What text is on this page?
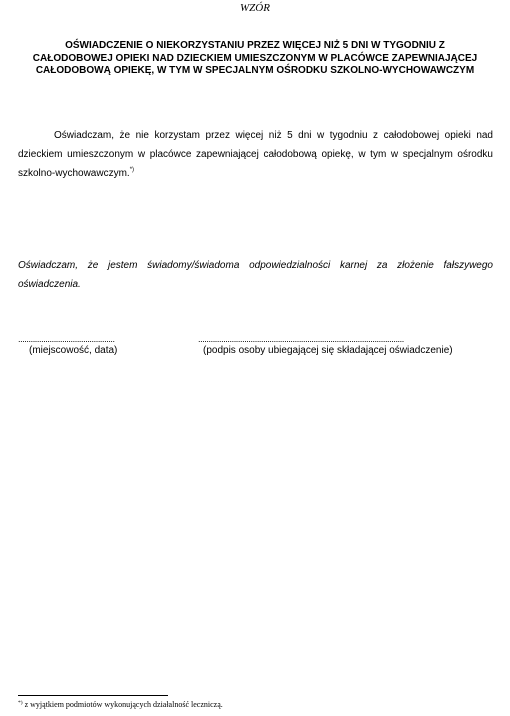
WZÓR
OŚWIADCZENIE O NIEKORZYSTANIU PRZEZ WIĘCEJ NIŻ 5 DNI W TYGODNIU Z
CAŁODOBOWEJ OPIEKI NAD DZIECKIEM UMIESZCZONYM W PLACÓWCE ZAPEWNIAJĄCEJ
CAŁODOBOWĄ OPIEKĘ, W TYM W SPECJALNYM OŚRODKU SZKOLNO-WYCHOWAWCZYM
Oświadczam, że nie korzystam przez więcej niż 5 dni w tygodniu z całodobowej opieki nad dzieckiem umieszczonym w placówce zapewniającej całodobową opiekę, w tym w specjalnym ośrodku szkolno-wychowawczym.*)
Oświadczam, że jestem świadomy/świadoma odpowiedzialności karnej za złożenie fałszywego oświadczenia.
..............................................
(miejscowość, data)
..................................................................................................
(podpis osoby ubiegającej się składającej oświadczenie)
*) z wyjątkiem podmiotów wykonujących działalność leczniczą.
